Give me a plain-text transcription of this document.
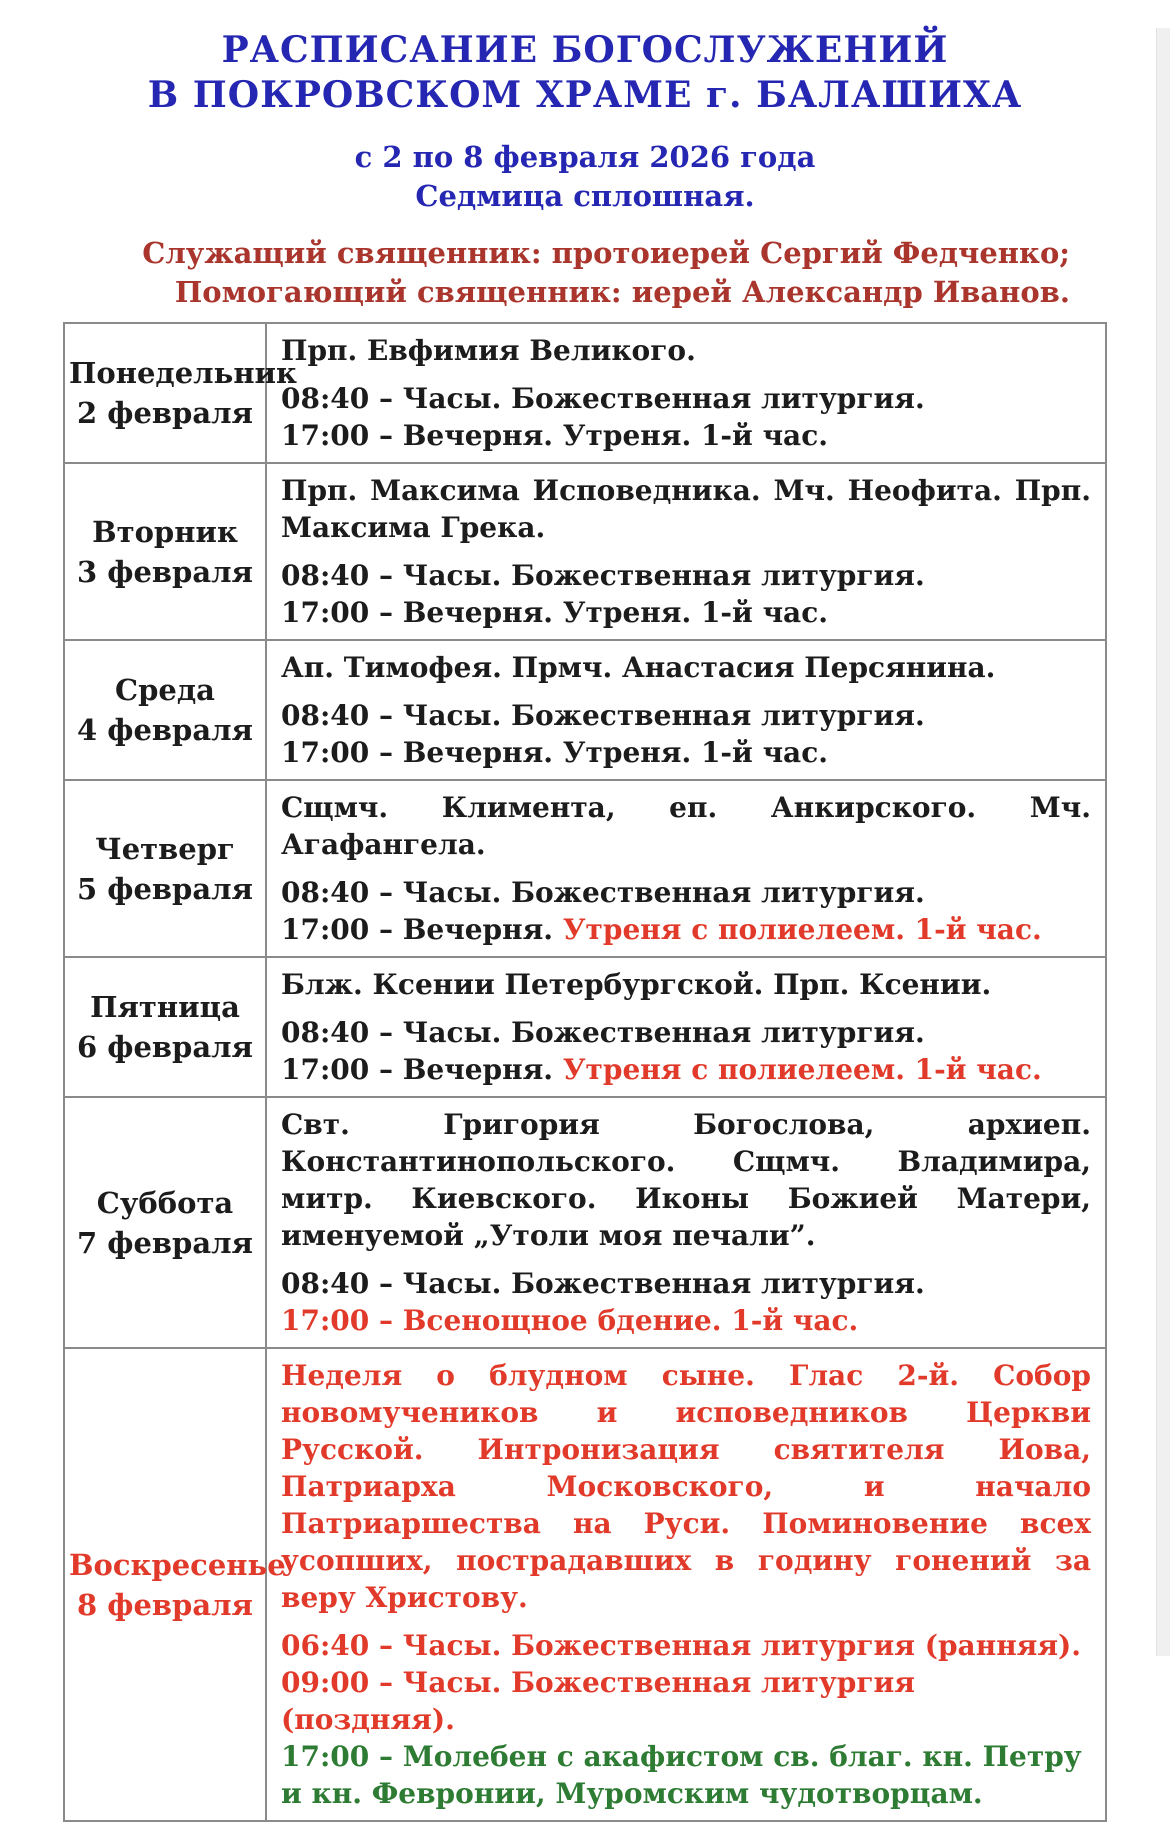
РАСПИСАНИЕ БОГОСЛУЖЕНИЙ
В ПОКРОВСКОМ ХРАМЕ г. БАЛАШИХА
с 2 по 8 февраля 2026 года
Седмица сплошная.
Служащий священник: протоиерей Сергий Федченко;
Помогающий священник: иерей Александр Иванов.
Понедельник
2 февраля

Прп. Евфимия Великого.
08:40 – Часы. Божественная литургия.
17:00 – Вечерня. Утреня. 1-й час.

Вторник
3 февраля

Прп. Максима Исповедника. Мч. Неофита. Прп. Максима Грека.
08:40 – Часы. Божественная литургия.
17:00 – Вечерня. Утреня. 1-й час.

Среда
4 февраля

Ап. Тимофея. Прмч. Анастасия Персянина.
08:40 – Часы. Божественная литургия.
17:00 – Вечерня. Утреня. 1-й час.

Четверг
5 февраля

Сщмч. Климента, еп. Анкирского. Мч. Агафангела.
08:40 – Часы. Божественная литургия.
17:00 – Вечерня. Утреня с полиелеем. 1-й час.

Пятница
6 февраля

Блж. Ксении Петербургской. Прп. Ксении.
08:40 – Часы. Божественная литургия.
17:00 – Вечерня. Утреня с полиелеем. 1-й час.

Суббота
7 февраля

Свт. Григория Богослова, архиеп. Константинопольского. Сщмч. Владимира, митр. Киевского. Иконы Божией Матери, именуемой „Утоли моя печали”.
08:40 – Часы. Божественная литургия.
17:00 – Всенощное бдение. 1-й час.

Воскресенье
8 февраля

Неделя о блудном сыне. Глас 2-й. Собор новомучеников и исповедников Церкви Русской. Интронизация святителя Иова, Патриарха Московского, и начало Патриаршества на Руси. Поминовение всех усопших, пострадавших в годину гонений за веру Христову.
06:40 – Часы. Божественная литургия (ранняя).
09:00 – Часы. Божественная литургия (поздняя).
17:00 – Молебен с акафистом св. благ. кн. Петру и кн. Февронии, Муромским чудотворцам.
